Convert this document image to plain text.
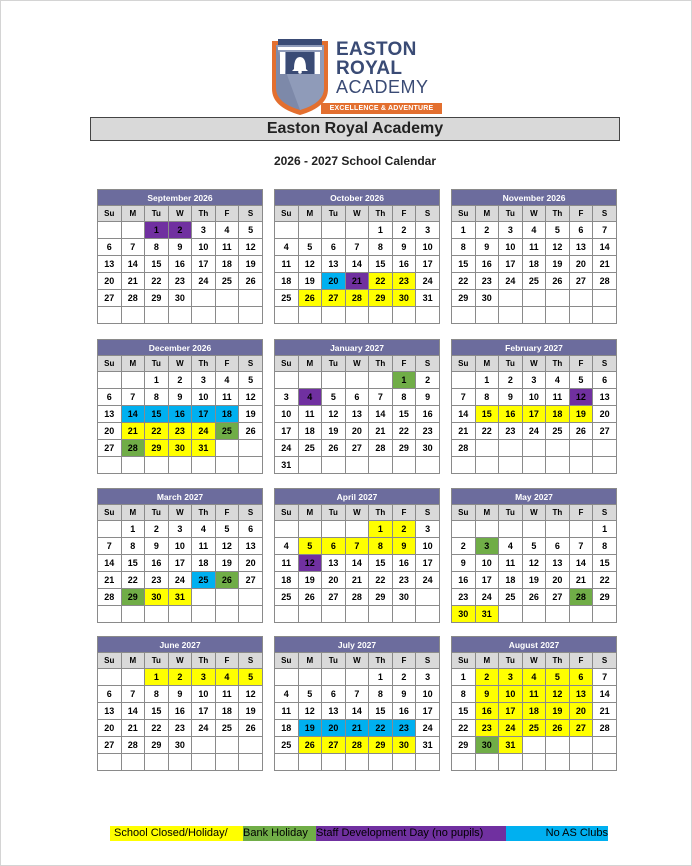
EASTON
ROYAL
ACADEMY
EXCELLENCE & ADVENTURE
Easton Royal Academy
2026 - 2027 School Calendar
September 2026						
Su	M	Tu	W	Th	F	S
		1	2	3	4	5
6	7	8	9	10	11	12
13	14	15	16	17	18	19
20	21	22	23	24	25	26
27	28	29	30			

October 2026						
Su	M	Tu	W	Th	F	S
				1	2	3
4	5	6	7	8	9	10
11	12	13	14	15	16	17
18	19	20	21	22	23	24
25	26	27	28	29	30	31

November 2026						
Su	M	Tu	W	Th	F	S
1	2	3	4	5	6	7
8	9	10	11	12	13	14
15	16	17	18	19	20	21
22	23	24	25	26	27	28
29	30					

December 2026						
Su	M	Tu	W	Th	F	S
		1	2	3	4	5
6	7	8	9	10	11	12
13	14	15	16	17	18	19
20	21	22	23	24	25	26
27	28	29	30	31		

January 2027						
Su	M	Tu	W	Th	F	S
					1	2
3	4	5	6	7	8	9
10	11	12	13	14	15	16
17	18	19	20	21	22	23
24	25	26	27	28	29	30
31						
February 2027						
Su	M	Tu	W	Th	F	S
	1	2	3	4	5	6
7	8	9	10	11	12	13
14	15	16	17	18	19	20
21	22	23	24	25	26	27
28						

March 2027						
Su	M	Tu	W	Th	F	S
	1	2	3	4	5	6
7	8	9	10	11	12	13
14	15	16	17	18	19	20
21	22	23	24	25	26	27
28	29	30	31			

April 2027						
Su	M	Tu	W	Th	F	S
				1	2	3
4	5	6	7	8	9	10
11	12	13	14	15	16	17
18	19	20	21	22	23	24
25	26	27	28	29	30	

May 2027						
Su	M	Tu	W	Th	F	S
						1
2	3	4	5	6	7	8
9	10	11	12	13	14	15
16	17	18	19	20	21	22
23	24	25	26	27	28	29
30	31					
June 2027						
Su	M	Tu	W	Th	F	S
		1	2	3	4	5
6	7	8	9	10	11	12
13	14	15	16	17	18	19
20	21	22	23	24	25	26
27	28	29	30			

July 2027						
Su	M	Tu	W	Th	F	S
				1	2	3
4	5	6	7	8	9	10
11	12	13	14	15	16	17
18	19	20	21	22	23	24
25	26	27	28	29	30	31

August 2027						
Su	M	Tu	W	Th	F	S
1	2	3	4	5	6	7
8	9	10	11	12	13	14
15	16	17	18	19	20	21
22	23	24	25	26	27	28
29	30	31				

School Closed/Holiday/	Bank Holiday Staff Development Day (no pupils)	No AS Clubs
